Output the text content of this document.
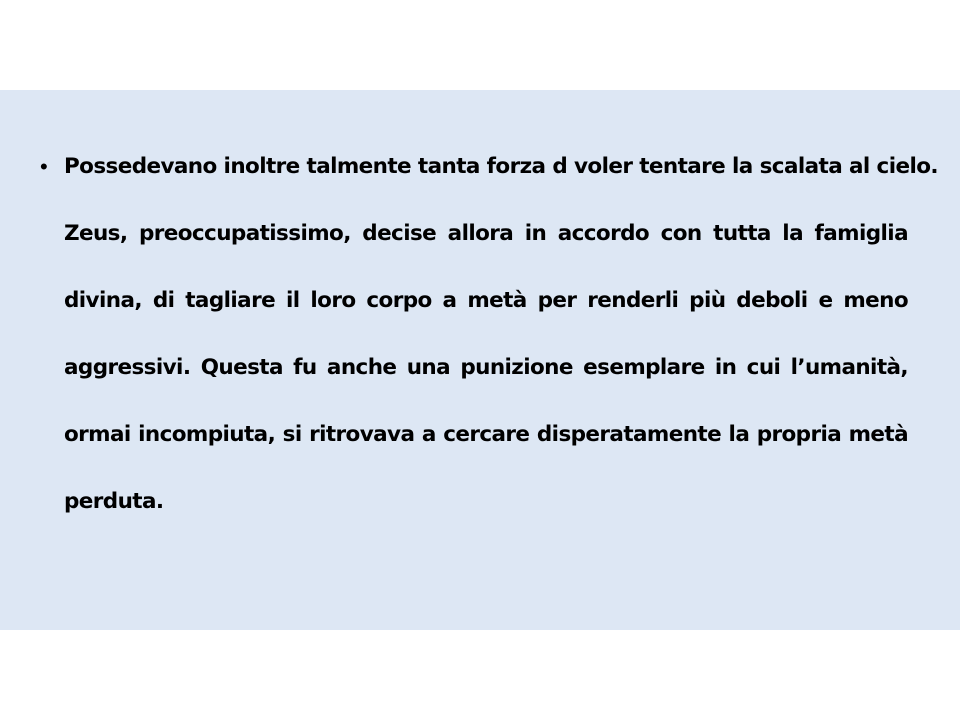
• Possedevano inoltre talmente tanta forza d voler tentare la scalata al cielo.
Zeus, preoccupatissimo, decise allora in accordo con tutta la famiglia
divina, di tagliare il loro corpo a metà per renderli più deboli e meno
aggressivi. Questa fu anche una punizione esemplare in cui l’umanità,
ormai incompiuta, si ritrovava a cercare disperatamente la propria metà
perduta.
